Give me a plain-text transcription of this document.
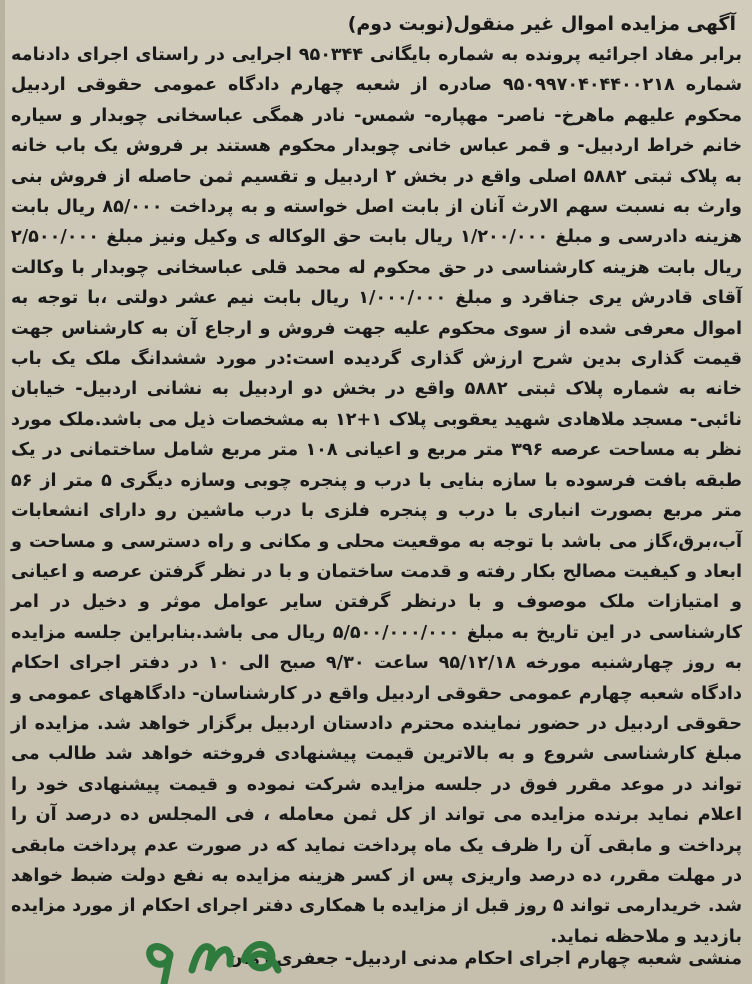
آگهی مزایده اموال غیر منقول(نوبت دوم)

برابر مفاد اجرائیه پرونده به شماره بایگانی ۹۵۰۳۴۴ اجرایی در راستای اجرای دادنامه شماره ۹۵۰۹۹۷۰۴۰۴۴۰۰۲۱۸ صادره از شعبه چهارم دادگاه عمومی حقوقی اردبیل محکوم علیهم ماهرخ- ناصر- مهپاره- شمس- نادر همگی عباسخانی چوبدار و سیاره خانم خراط اردبیل- و قمر عباس خانی چوبدار محکوم هستند بر فروش یک باب خانه به پلاک ثبتی ۵۸۸۲ اصلی واقع در بخش ۲ اردبیل و تقسیم ثمن حاصله از فروش بنی وارث به نسبت سهم الارث آنان از بابت اصل خواسته و به پرداخت ۸۵/۰۰۰ ریال بابت هزینه دادرسی و مبلغ ۱/۲۰۰/۰۰۰ ریال بابت حق الوکاله ی وکیل ونیز مبلغ ۲/۵۰۰/۰۰۰ ریال بابت هزینه کارشناسی در حق محکوم له محمد قلی عباسخانی چوبدار با وکالت آقای قادرش یری جناقرد و مبلغ ۱/۰۰۰/۰۰۰ ریال بابت نیم عشر دولتی ،با توجه به اموال معرفی شده از سوی محکوم علیه جهت فروش و ارجاع آن به کارشناس جهت قیمت گذاری بدین شرح ارزش گذاری گردیده است:در مورد ششدانگ ملک یک باب خانه به شماره پلاک ثبتی ۵۸۸۲ واقع در بخش دو اردبیل به نشانی اردبیل- خیابان نائبی- مسجد ملاهادی شهید یعقوبی پلاک ۱+۱۲ به مشخصات ذیل می باشد.ملک مورد نظر به مساحت عرصه ۳۹۶ متر مربع و اعیانی ۱۰۸ متر مربع شامل ساختمانی در یک طبقه بافت فرسوده با سازه بنایی با درب و پنجره چوبی وسازه دیگری ۵ متر از ۵۶ متر مربع بصورت انباری با درب و پنجره فلزی با درب ماشین رو دارای انشعابات آب،برق،گاز می باشد با توجه به موقعیت محلی و مکانی و راه دسترسی و مساحت و ابعاد و کیفیت مصالح بکار رفته و قدمت ساختمان و با در نظر گرفتن عرصه و اعیانی و امتیازات ملک موصوف و با درنظر گرفتن سایر عوامل موثر و دخیل در امر کارشناسی در این تاریخ به مبلغ ۵/۵۰۰/۰۰۰/۰۰۰ ریال می باشد.بنابراین جلسه مزایده به روز چهارشنبه مورخه ۹۵/۱۲/۱۸ ساعت ۹/۳۰ صبح الی ۱۰ در دفتر اجرای احکام دادگاه شعبه چهارم عمومی حقوقی اردبیل واقع در کارشناسان- دادگاههای عمومی و حقوقی اردبیل در حضور نماینده محترم دادستان اردبیل برگزار خواهد شد. مزایده از مبلغ کارشناسی شروع و به بالاترین قیمت پیشنهادی فروخته خواهد شد طالب می تواند در موعد مقرر فوق در جلسه مزایده شرکت نموده و قیمت پیشنهادی خود را اعلام نماید برنده مزایده می تواند از کل ثمن معامله ، فی المجلس ده درصد آن را پرداخت و مابقی آن را ظرف یک ماه پرداخت نماید که در صورت عدم پرداخت مابقی در مهلت مقرر، ده درصد واریزی پس از کسر هزینه مزایده به نفع دولت ضبط خواهد شد. خریدارمی تواند ۵ روز قبل از مزایده با همکاری دفتر اجرای احکام از مورد مزایده بازدید و ملاحظه نماید.

منشی شعبه چهارم اجرای احکام مدنی اردبیل- جعفری زمان
